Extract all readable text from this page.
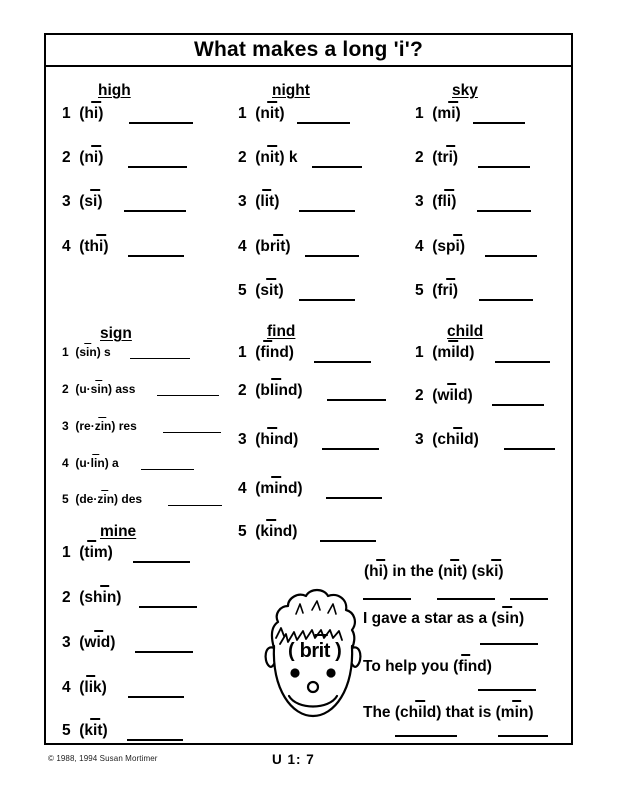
What makes a long 'i'?
high
1  (hi)
2  (ni)
3  (si)
4  (thi)
night
1  (nit)
2  (nit) k
3  (lit)
4  (brit)
5  (sit)
sky
1  (mi)
2  (tri)
3  (fli)
4  (spi)
5  (fri)
sign
1  (sin) s
2  (u·sin) ass
3  (re·zin) res
4  (u·lin) a
5  (de·zin) des
find
1  (find)
2  (blind)
3  (hind)
4  (mind)
5  (kind)
child
1  (mild)
2  (wild)
3  (child)
mine
1  (tim)
2  (shin)
3  (wid)
4  (lik)
5  (kit)
( brit )
(hi) in the (nit) (ski)
I gave a star as a (sin)
To help you (find)
The (child) that is (min)
© 1988, 1994 Susan Mortimer	U 1: 7
